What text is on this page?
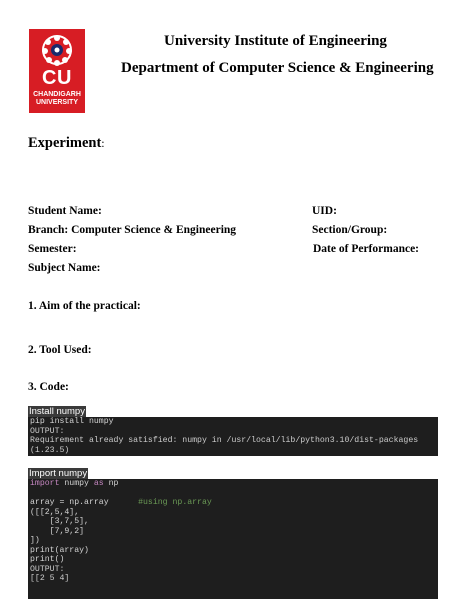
CU
CHANDIGARH
UNIVERSITY
University Institute of Engineering
Department of Computer Science & Engineering
Experiment:
Student Name:	UID:
Branch: Computer Science & Engineering	Section/Group:
Semester:	Date of Performance:
Subject Name:
1. Aim of the practical:
2. Tool Used:
3. Code:
Install numpy
pip install numpy
OUTPUT:
Requirement already satisfied: numpy in /usr/local/lib/python3.10/dist-packages
(1.23.5)
Import numpy
import numpy as np
array = np.array      #using np.array
([[2,5,4],
[3,7,5],
[7,9,2]
])
print(array)
print()
OUTPUT:
[[2 5 4]
